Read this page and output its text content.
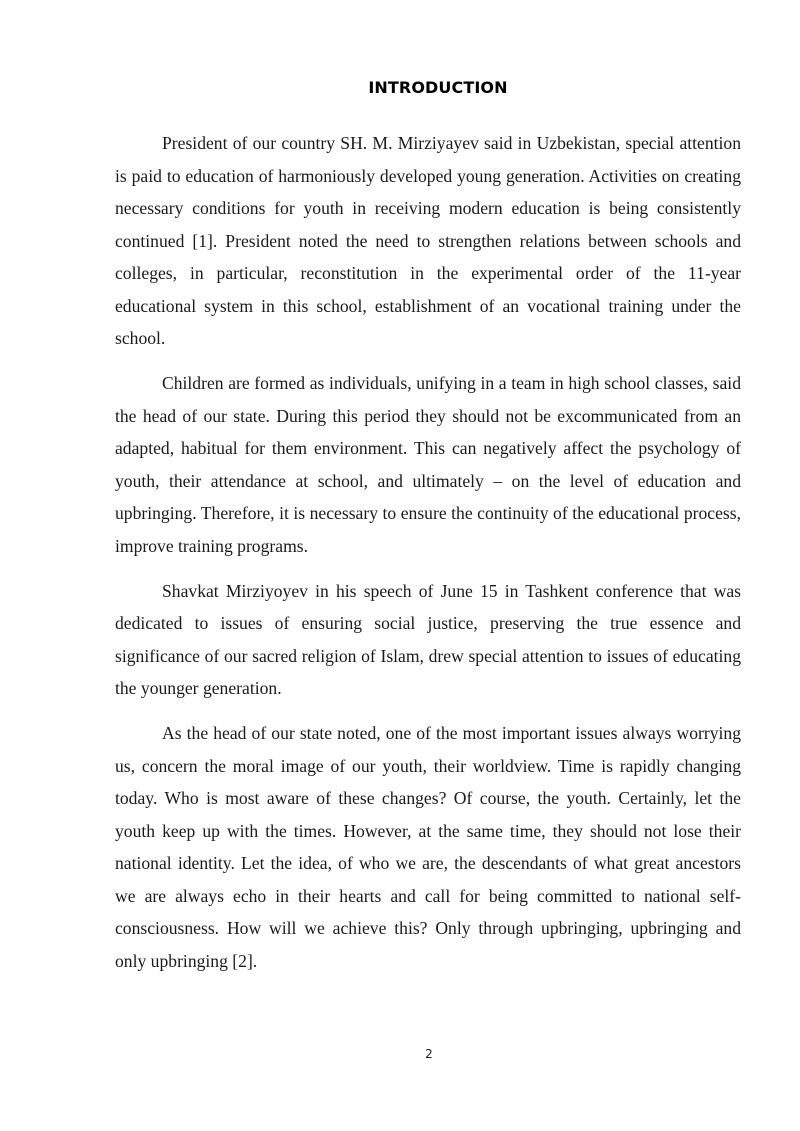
INTRODUCTION

President of our country SH. M. Mirziyayev said in Uzbekistan, special attention is paid to education of harmoniously developed young generation. Activities on creating necessary conditions for youth in receiving modern education is being consistently continued [1]. President noted the need to strengthen relations between schools and colleges, in particular, reconstitution in the experimental order of the 11-year educational system in this school, establishment of an vocational training under the school.

Children are formed as individuals, unifying in a team in high school classes, said the head of our state. During this period they should not be excommunicated from an adapted, habitual for them environment. This can negatively affect the psychology of youth, their attendance at school, and ultimately – on the level of education and upbringing. Therefore, it is necessary to ensure the continuity of the educational process, improve training programs.

Shavkat Mirziyoyev in his speech of June 15 in Tashkent conference that was dedicated to issues of ensuring social justice, preserving the true essence and significance of our sacred religion of Islam, drew special attention to issues of educating the younger generation.

As the head of our state noted, one of the most important issues always worrying us, concern the moral image of our youth, their worldview. Time is rapidly changing today. Who is most aware of these changes? Of course, the youth. Certainly, let the youth keep up with the times. However, at the same time, they should not lose their national identity. Let the idea, of who we are, the descendants of what great ancestors we are always echo in their hearts and call for being committed to national self-consciousness. How will we achieve this? Only through upbringing, upbringing and only upbringing [2].

2
